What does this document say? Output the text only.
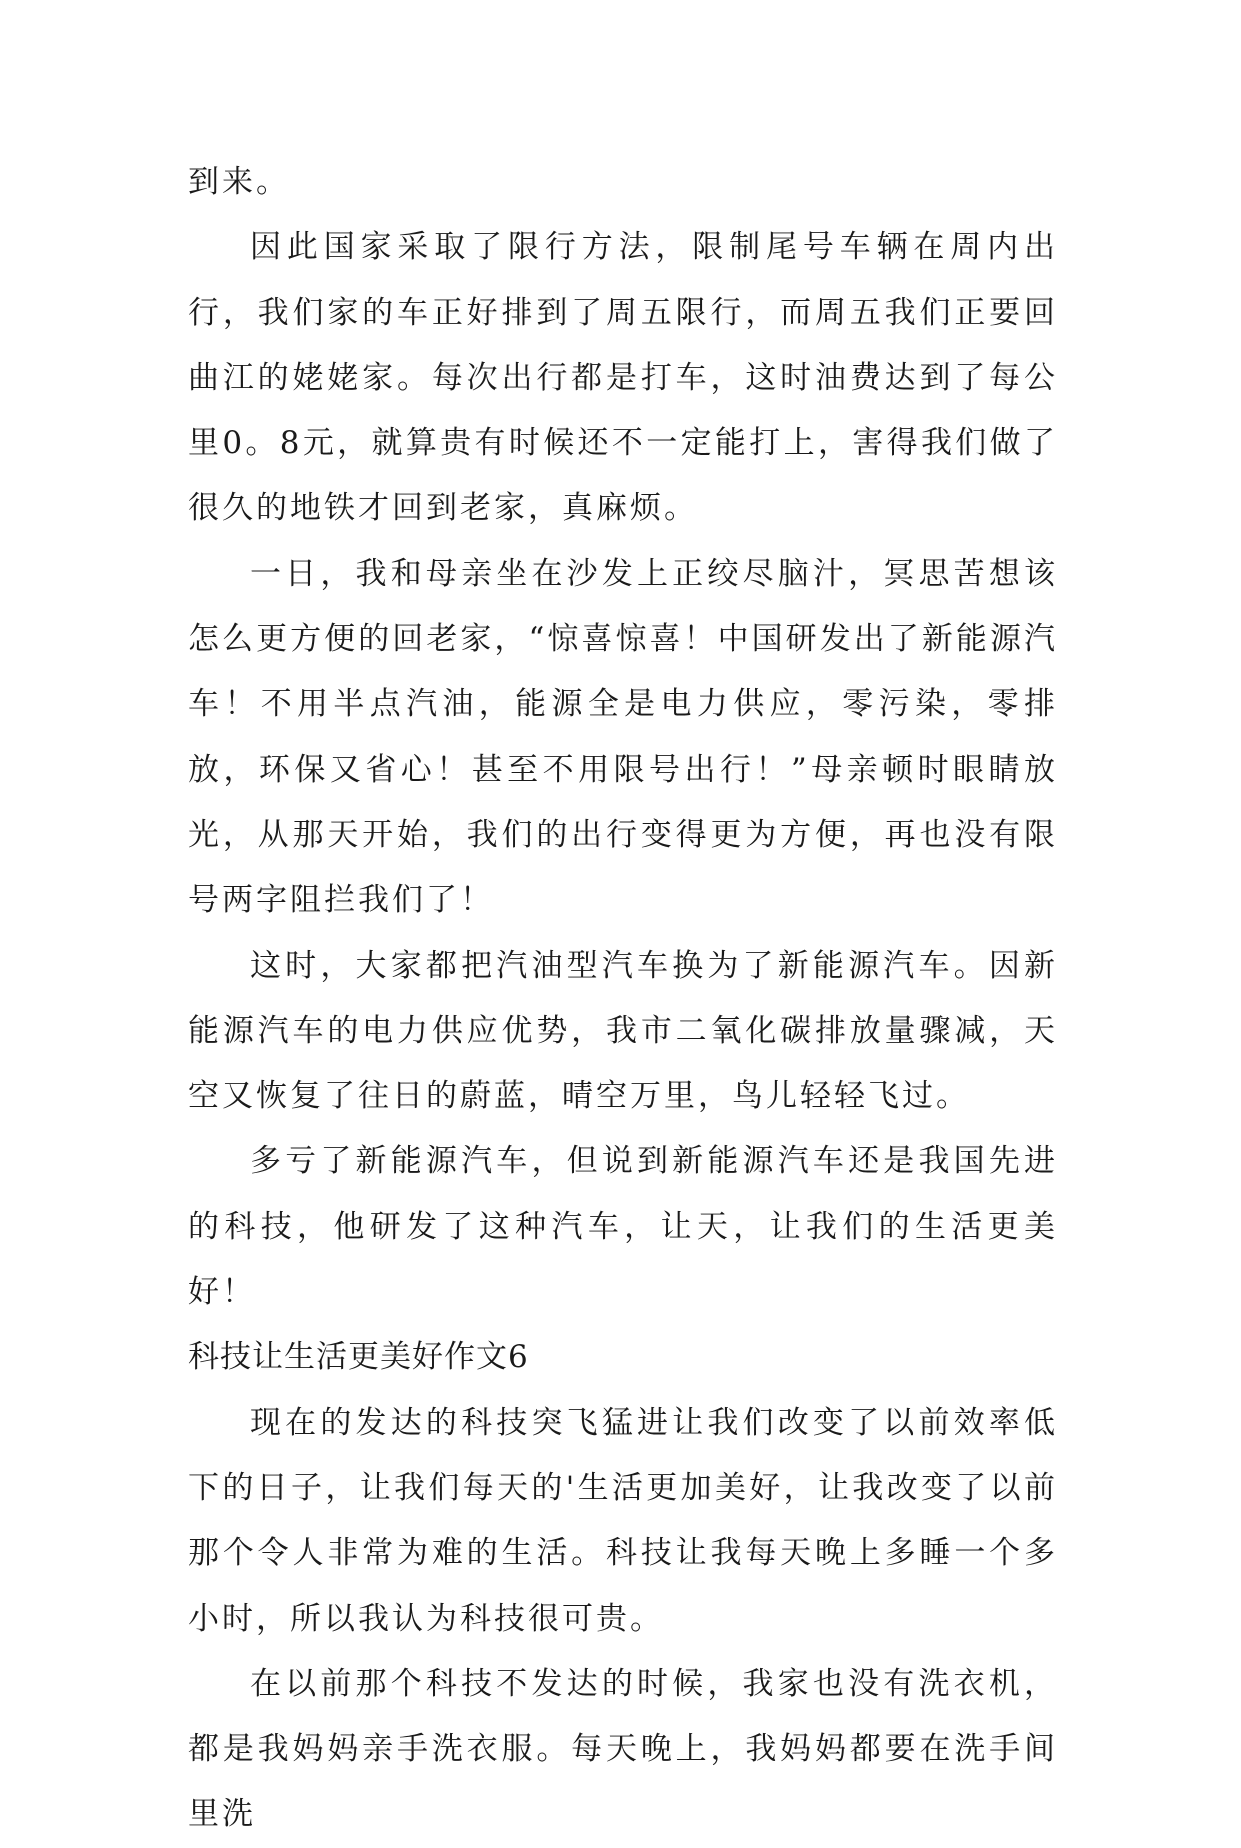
到来。

因此国家采取了限行方法，限制尾号车辆在周内出行，我们家的车正好排到了周五限行，而周五我们正要回曲江的姥姥家。每次出行都是打车，这时油费达到了每公里0。8元，就算贵有时候还不一定能打上，害得我们做了很久的地铁才回到老家，真麻烦。

一日，我和母亲坐在沙发上正绞尽脑汁，冥思苦想该怎么更方便的回老家，“惊喜惊喜！中国研发出了新能源汽车！不用半点汽油，能源全是电力供应，零污染，零排放，环保又省心！甚至不用限号出行！”母亲顿时眼睛放光，从那天开始，我们的出行变得更为方便，再也没有限号两字阻拦我们了！

这时，大家都把汽油型汽车换为了新能源汽车。因新能源汽车的电力供应优势，我市二氧化碳排放量骤减，天空又恢复了往日的蔚蓝，晴空万里，鸟儿轻轻飞过。

多亏了新能源汽车，但说到新能源汽车还是我国先进的科技，他研发了这种汽车，让天，让我们的生活更美好！

科技让生活更美好作文6

现在的发达的科技突飞猛进让我们改变了以前效率低下的日子，让我们每天的'生活更加美好，让我改变了以前那个令人非常为难的生活。科技让我每天晚上多睡一个多小时，所以我认为科技很可贵。

在以前那个科技不发达的时候，我家也没有洗衣机，都是我妈妈亲手洗衣服。每天晚上，我妈妈都要在洗手间里洗
